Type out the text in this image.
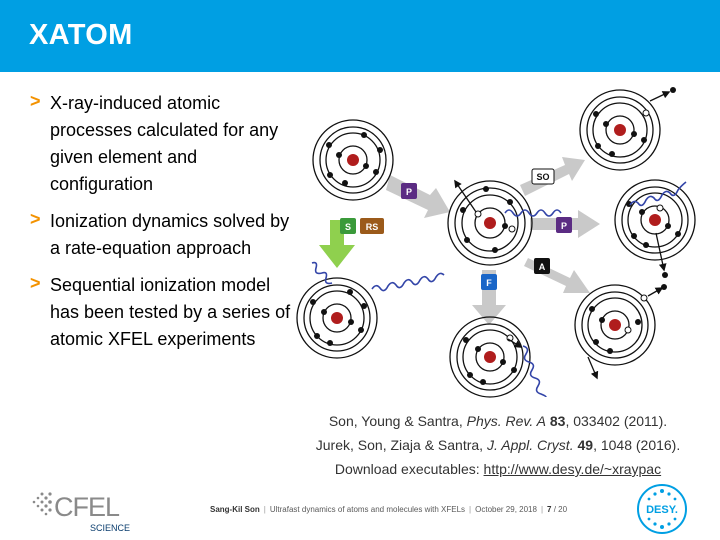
XATOM
> X-ray-induced atomic processes calculated for any given element and configuration
> Ionization dynamics solved by a rate-equation approach
> Sequential ionization model has been tested by a series of atomic XFEL experiments
P
S RS
SO
P
A
F
Son, Young & Santra, Phys. Rev. A 83, 033402 (2011).
Jurek, Son, Ziaja & Santra, J. Appl. Cryst. 49, 1048 (2016).
Download executables: http://www.desy.de/~xraypac
CFEL
SCIENCE
Sang-Kil Son | Ultrafast dynamics of atoms and molecules with XFELs | October 29, 2018 | 7 / 20	DESY.
